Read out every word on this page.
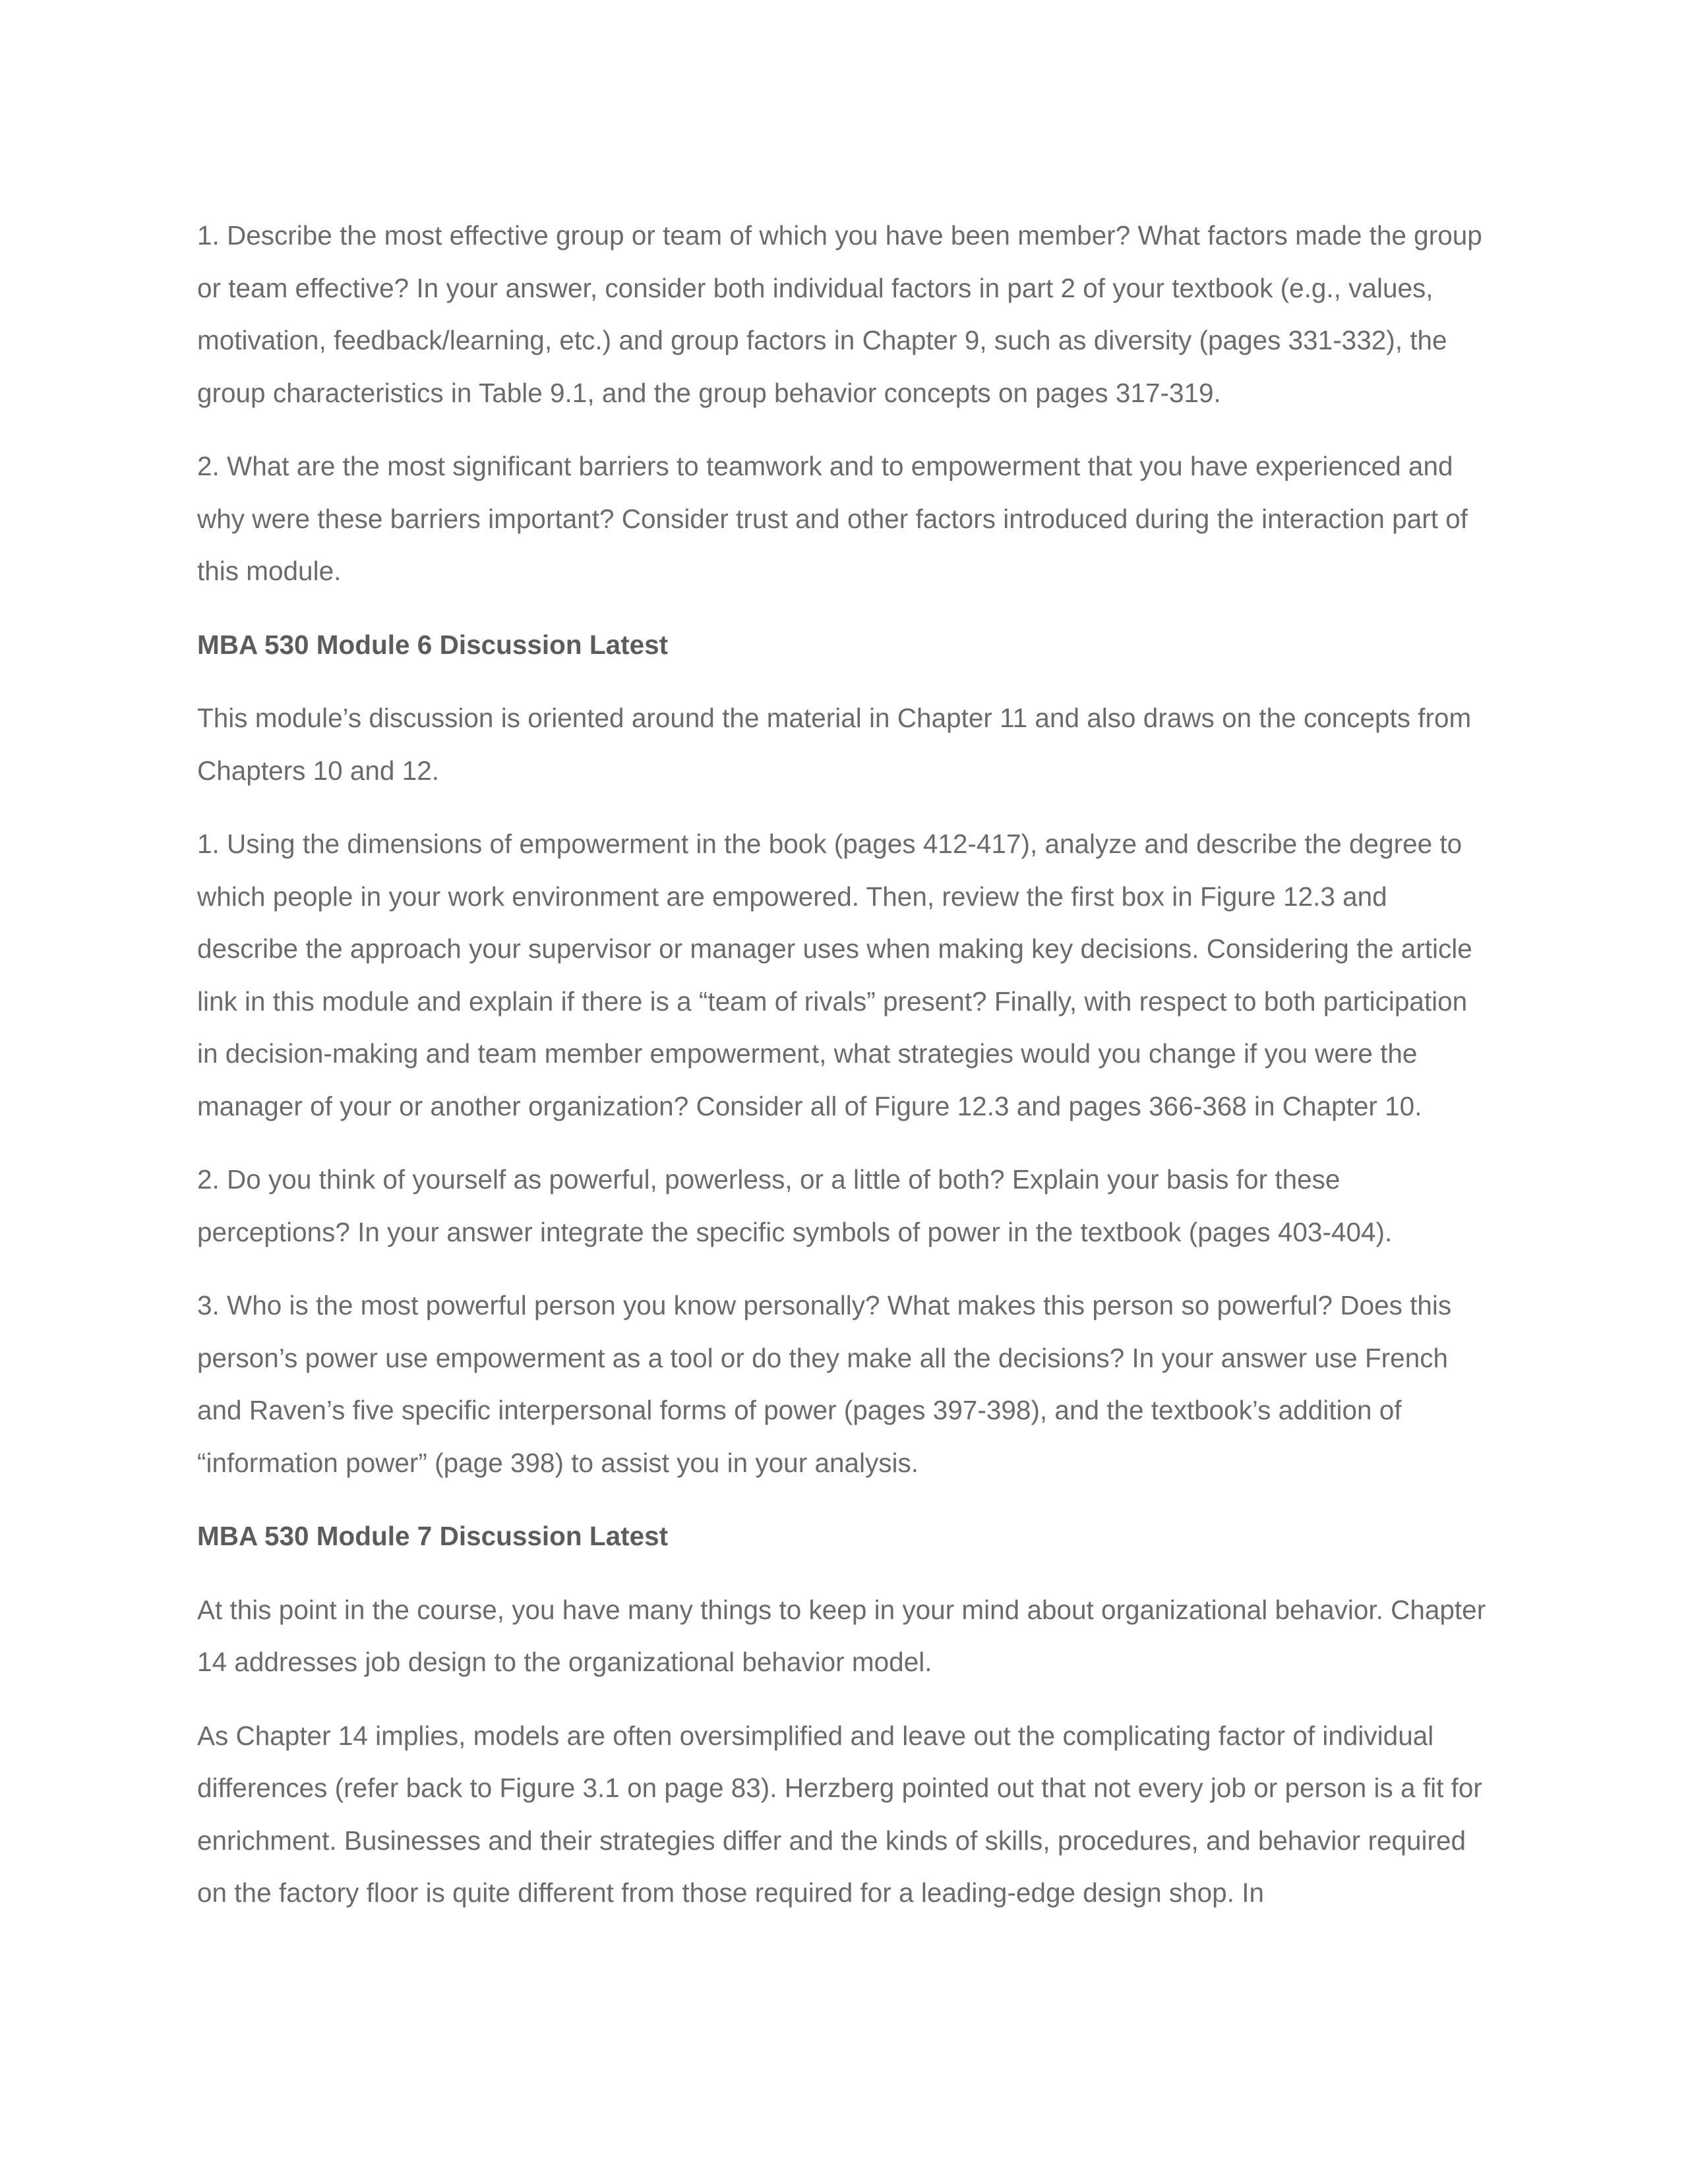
1. Describe the most effective group or team of which you have been member? What factors made the group or team effective? In your answer, consider both individual factors in part 2 of your textbook (e.g., values, motivation, feedback/learning, etc.) and group factors in Chapter 9, such as diversity (pages 331-332), the group characteristics in Table 9.1, and the group behavior concepts on pages 317-319.

2. What are the most significant barriers to teamwork and to empowerment that you have experienced and why were these barriers important? Consider trust and other factors introduced during the interaction part of this module.

MBA 530 Module 6 Discussion Latest

This module’s discussion is oriented around the material in Chapter 11 and also draws on the concepts from Chapters 10 and 12.

1. Using the dimensions of empowerment in the book (pages 412-417), analyze and describe the degree to which people in your work environment are empowered. Then, review the first box in Figure 12.3 and describe the approach your supervisor or manager uses when making key decisions. Considering the article link in this module and explain if there is a “team of rivals” present? Finally, with respect to both participation in decision-making and team member empowerment, what strategies would you change if you were the manager of your or another organization? Consider all of Figure 12.3 and pages 366-368 in Chapter 10.

2. Do you think of yourself as powerful, powerless, or a little of both? Explain your basis for these perceptions? In your answer integrate the specific symbols of power in the textbook (pages 403-404).

3. Who is the most powerful person you know personally? What makes this person so powerful? Does this person’s power use empowerment as a tool or do they make all the decisions? In your answer use French and Raven’s five specific interpersonal forms of power (pages 397-398), and the textbook’s addition of “information power” (page 398) to assist you in your analysis.

MBA 530 Module 7 Discussion Latest

At this point in the course, you have many things to keep in your mind about organizational behavior. Chapter 14 addresses job design to the organizational behavior model.

As Chapter 14 implies, models are often oversimplified and leave out the complicating factor of individual differences (refer back to Figure 3.1 on page 83). Herzberg pointed out that not every job or person is a fit for enrichment. Businesses and their strategies differ and the kinds of skills, procedures, and behavior required on the factory floor is quite different from those required for a leading-edge design shop. In
